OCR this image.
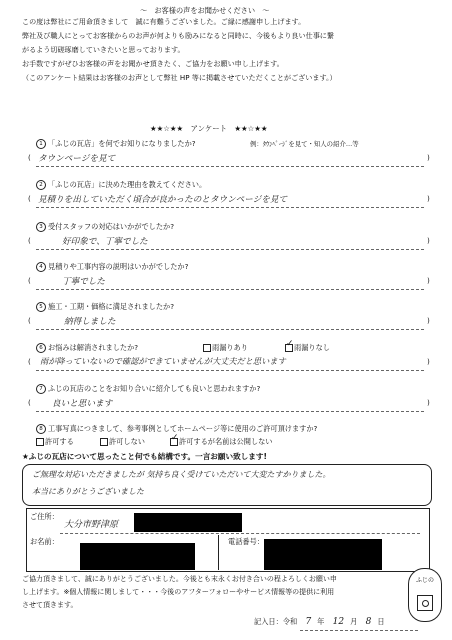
〜　お客様の声をお聞かせください　〜
この度は弊社にご用命頂きまして　誠に有難うございました。ご縁に感謝申し上げます。
弊社及び職人にとってお客様からのお声が何よりも励みになると同時に、今後もより良い仕事に繋
がるよう切磋琢磨していきたいと思っております。
お手数ですがぜひお客様の声をお聞かせ頂きたく、ご協力をお願い申し上げます。
（このアンケート結果はお客様のお声として弊社 HP 等に掲載させていただくことがございます。）
★★☆★★　アンケート　★★☆★★
1 「ふじの瓦店」を何でお知りになりましたか?	例：ﾀｳﾝﾍﾟｰｼﾞを見て・知人の紹介…等
(	)
タウンページを見て
2 「ふじの瓦店」に決めた理由を教えてください。
(	)
見積りを出していただく頃合が良かったのとタウンページを見て
3 受付スタッフの対応はいかがでしたか?
(	)
好印象で、丁寧でした
4 見積りや工事内容の説明はいかがでしたか?
(	)
丁寧でした
5 施工・工期・価格に満足されましたか?
(	)
納得しました
6 お悩みは解消されましたか?	雨漏りあり	✓ 雨漏りなし
(	)
雨が降っていないので確認ができていませんが大丈夫だと思います
7 ふじの瓦店のことをお知り合いに紹介しても良いと思われますか?
(	)
良いと思います
8 工事写真につきまして、参考事例としてホームページ等に使用のご許可頂けますか?
許可する	許可しない	✓ 許可するが名前は公開しない
★ふじの瓦店について思ったこと何でも結構です。一言お願い致します!
ご無理な対応いただきましたが 気持ち良く受けていただいて大変たすかりました。
本当にありがとうございました
ご住所：
大分市野津原
お名前：	電話番号：
ご協力頂きまして、誠にありがとうございました。今後とも末永くお付き合いの程よろしくお願い申
し上げます。※個人情報に関しまして・・・今後のアフターフォローやサービス情報等の提供に利用
させて頂きます。
記入日：令和 7 年 12 月 8 日
ふじの
